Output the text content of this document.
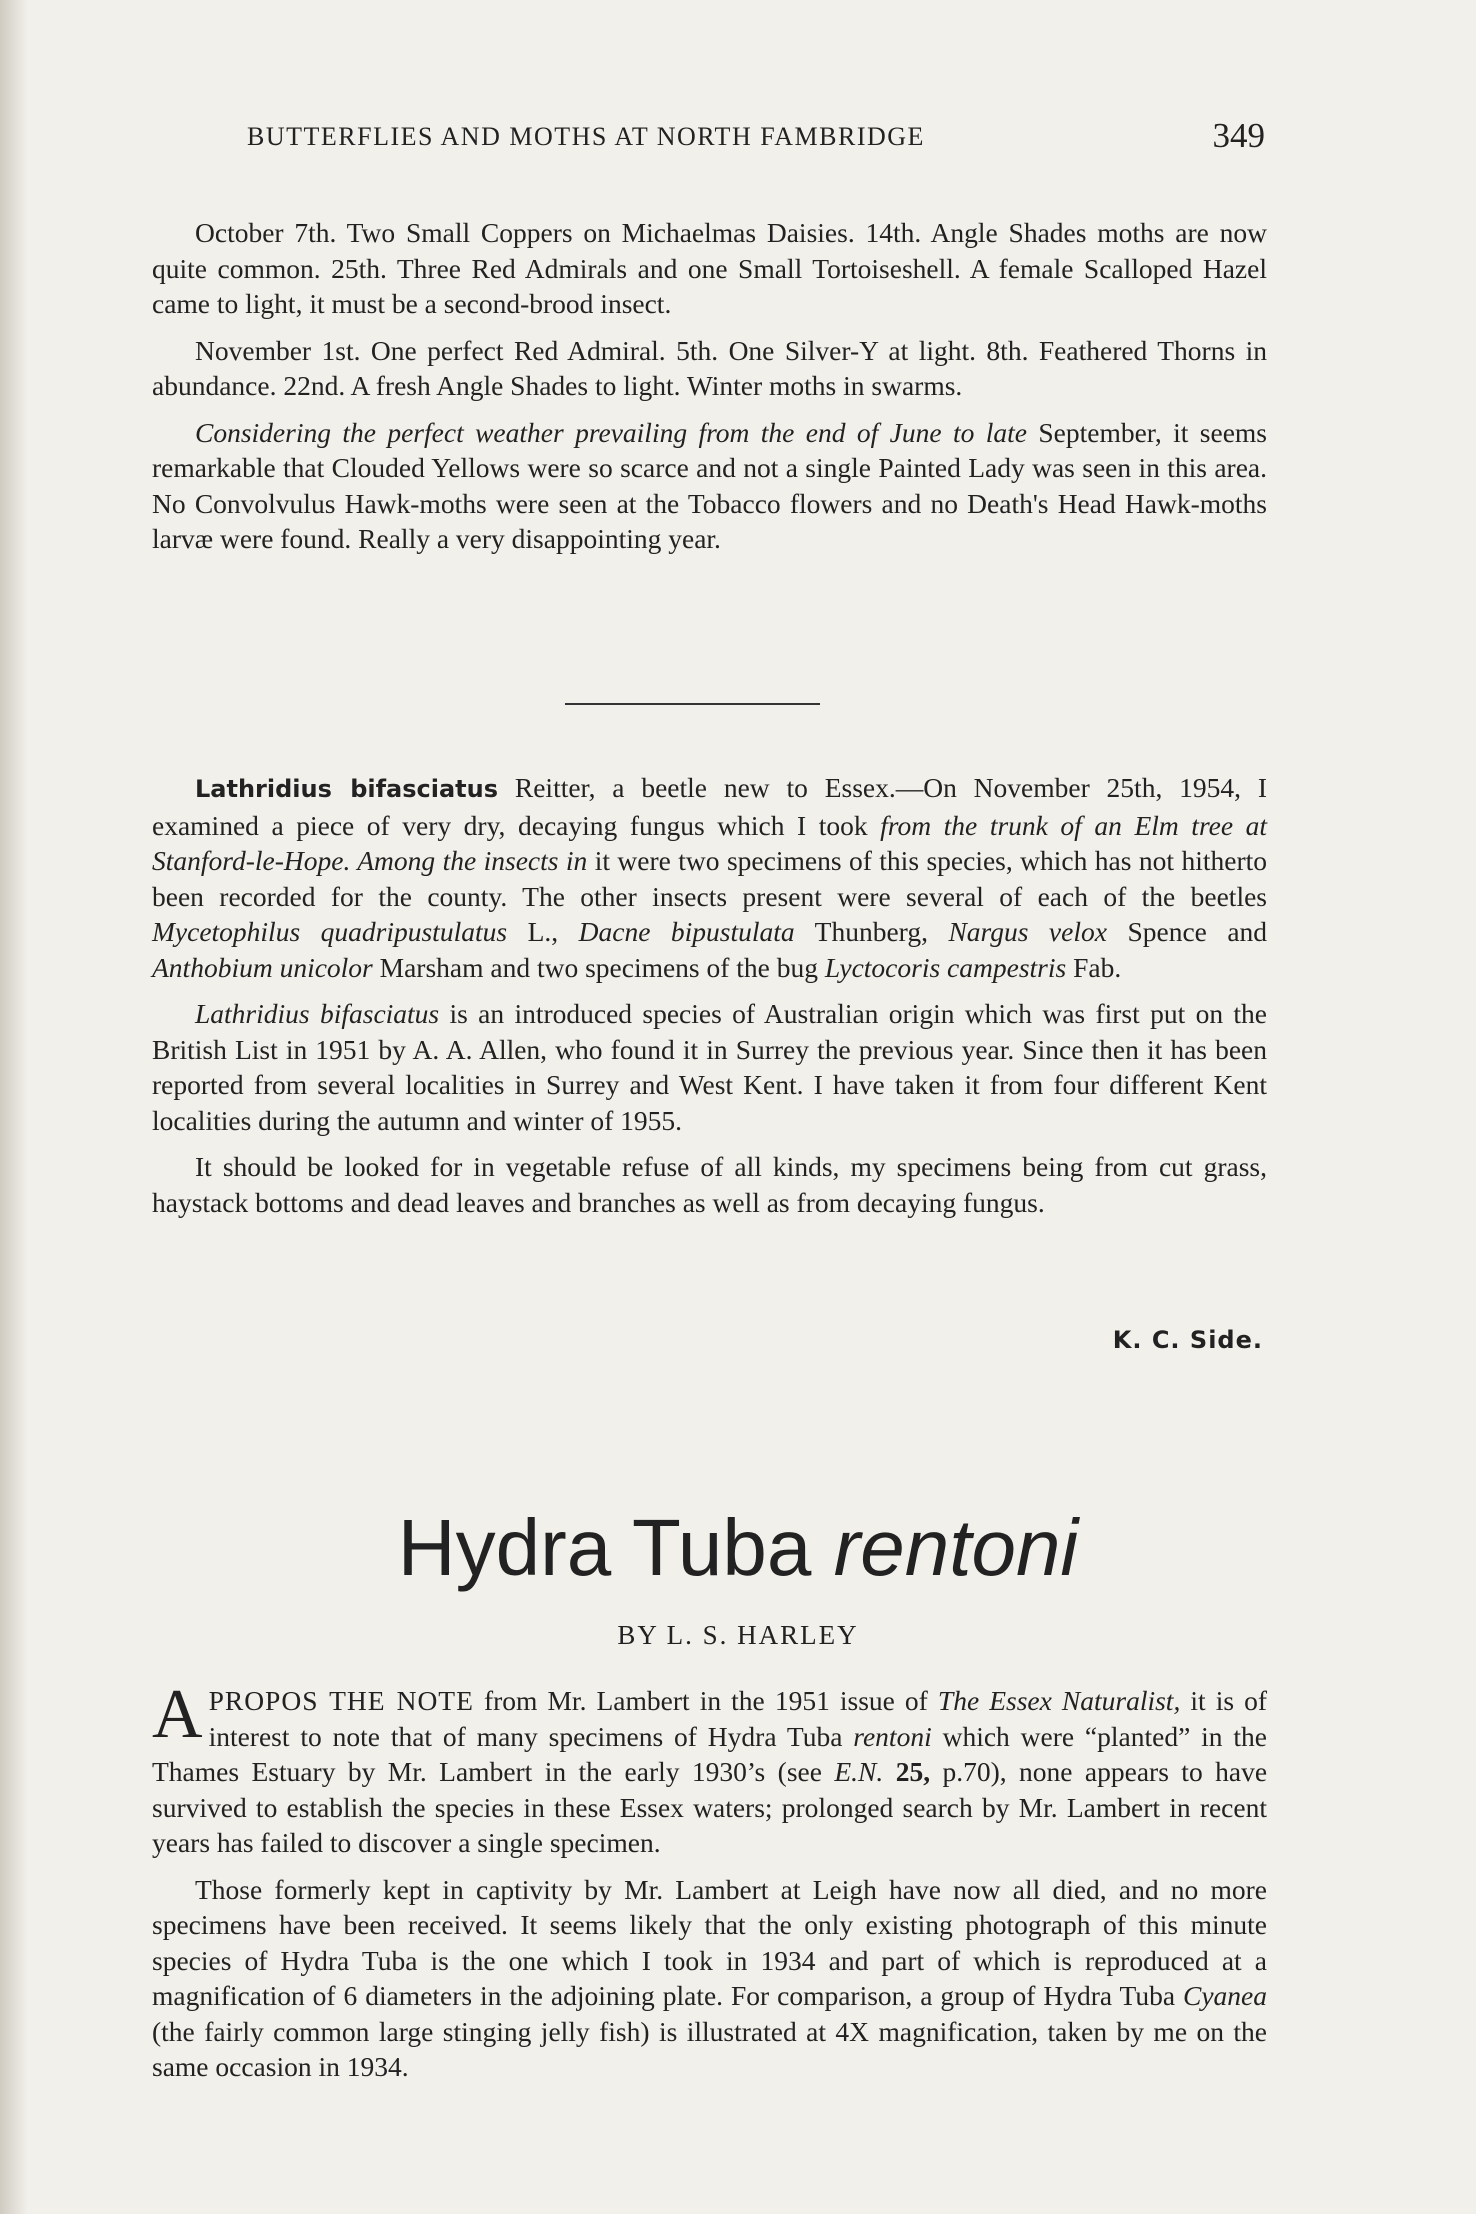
BUTTERFLIES AND MOTHS AT NORTH FAMBRIDGE	349

October 7th. Two Small Coppers on Michaelmas Daisies. 14th. Angle Shades moths are now quite common. 25th. Three Red Admirals and one Small Tortoiseshell. A female Scalloped Hazel came to light, it must be a second-brood insect.

November 1st. One perfect Red Admiral. 5th. One Silver-Y at light. 8th. Feathered Thorns in abundance. 22nd. A fresh Angle Shades to light. Winter moths in swarms.

Considering the perfect weather prevailing from the end of June to late September, it seems remarkable that Clouded Yellows were so scarce and not a single Painted Lady was seen in this area. No Convolvulus Hawk-moths were seen at the Tobacco flowers and no Death's Head Hawk-moths larvæ were found. Really a very disappointing year.

Lathridius bifasciatus Reitter, a beetle new to Essex.—On November 25th, 1954, I examined a piece of very dry, decaying fungus which I took from the trunk of an Elm tree at Stanford-le-Hope. Among the insects in it were two specimens of this species, which has not hitherto been recorded for the county. The other insects present were several of each of the beetles Mycetophilus quadripustulatus L., Dacne bipustulata Thunberg, Nargus velox Spence and Anthobium unicolor Marsham and two specimens of the bug Lyctocoris campestris Fab.

Lathridius bifasciatus is an introduced species of Australian origin which was first put on the British List in 1951 by A. A. Allen, who found it in Surrey the previous year. Since then it has been reported from several localities in Surrey and West Kent. I have taken it from four different Kent localities during the autumn and winter of 1955.

It should be looked for in vegetable refuse of all kinds, my specimens being from cut grass, haystack bottoms and dead leaves and branches as well as from decaying fungus.

K. C. Side.
Hydra Tuba rentoni
BY L. S. HARLEY

APROPOS THE NOTE from Mr. Lambert in the 1951 issue of The Essex Naturalist, it is of interest to note that of many specimens of Hydra Tuba rentoni which were “planted” in the Thames Estuary by Mr. Lambert in the early 1930’s (see E.N. 25, p.70), none appears to have survived to establish the species in these Essex waters; prolonged search by Mr. Lambert in recent years has failed to discover a single specimen.

Those formerly kept in captivity by Mr. Lambert at Leigh have now all died, and no more specimens have been received. It seems likely that the only existing photograph of this minute species of Hydra Tuba is the one which I took in 1934 and part of which is reproduced at a magnification of 6 diameters in the adjoining plate. For comparison, a group of Hydra Tuba Cyanea (the fairly common large stinging jelly fish) is illustrated at 4X magnification, taken by me on the same occasion in 1934.
